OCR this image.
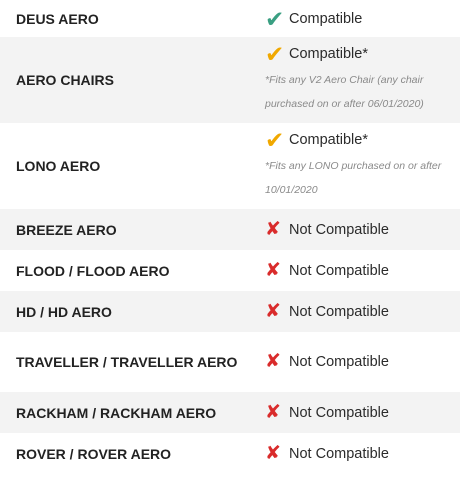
DEUS AERO	✔ Compatible

AERO CHAIRS	✔ Compatible*
*Fits any V2 Aero Chair (any chair purchased on or after 06/01/2020)

LONO AERO	✔ Compatible*
*Fits any LONO purchased on or after 10/01/2020

BREEZE AERO	✘ Not Compatible

FLOOD / FLOOD AERO	✘ Not Compatible

HD / HD AERO	✘ Not Compatible

TRAVELLER / TRAVELLER AERO	✘ Not Compatible

RACKHAM / RACKHAM AERO	✘ Not Compatible

ROVER / ROVER AERO	✘ Not Compatible
